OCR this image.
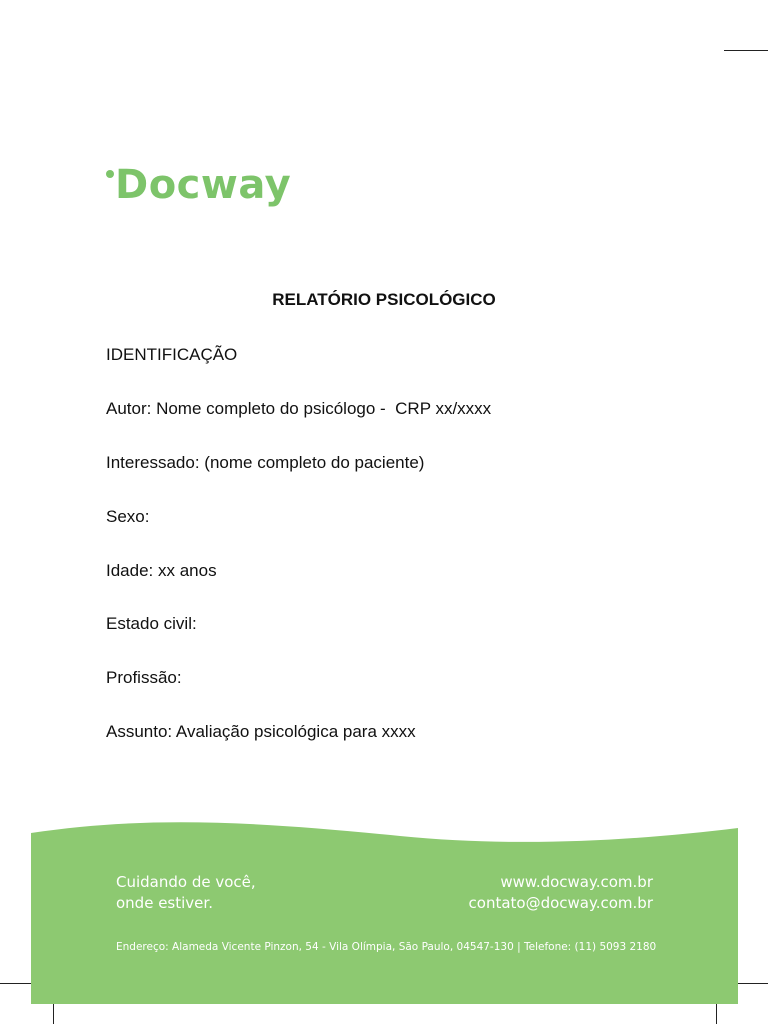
Docway
RELATÓRIO PSICOLÓGICO
IDENTIFICAÇÃO
Autor: Nome completo do psicólogo -  CRP xx/xxxx
Interessado: (nome completo do paciente)
Sexo:
Idade: xx anos
Estado civil:
Profissão:
Assunto: Avaliação psicológica para xxxx
Cuidando de você,
onde estiver.
www.docway.com.br
contato@docway.com.br
Endereço: Alameda Vicente Pinzon, 54 - Vila Olímpia, São Paulo, 04547-130 | Telefone: (11) 5093 2180
